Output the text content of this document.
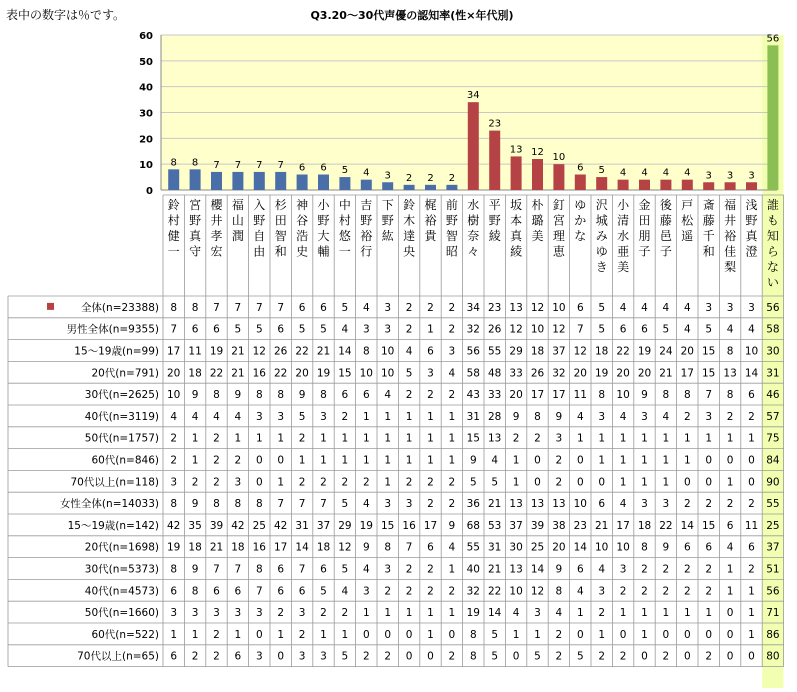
表中の数字は％です。	Q3.20～30代声優の認知率(性×年代別)
0
10
20
30
40
50
60
8 8 7 7 7 7 6 6 5 4 3 2 2 2
34
23
13 12 10
6 5 4 4 4 4 3 3 3
56
鈴村健一
宮野真守
櫻井孝宏
福山潤
入野自由
杉田智和
神谷浩史
小野大輔
中村悠一
吉野裕行
下野紘
鈴木達央
梶裕貴
前野智昭
水樹奈々
平野綾
坂本真綾
朴璐美
釘宮理恵
ゆかな
沢城みゆき
小清水亜美
金田朋子
後藤邑子
戸松遥
斎藤千和
福井裕佳梨
浅野真澄
誰も知らない
全体(n=23388) 8 8 7 7 7 7 6 6 5 4 3 2 2 2 34 23 13 12 10 6 5 4 4 4 4 3 3 3 56
男性全体(n=9355) 7 6 6 5 5 6 5 5 4 3 3 2 1 2 32 26 12 10 12 7 5 6 6 5 4 5 4 4 58
15～19歳(n=99) 17 11 19 21 12 26 22 21 14 8 10 4 6 3 56 55 29 18 37 12 18 22 19 24 20 15 8 10 30
20代(n=791) 20 18 22 21 16 22 20 19 15 10 10 5 3 4 58 48 33 26 32 20 19 20 20 21 17 15 13 14 31
30代(n=2625) 10 9 8 9 8 8 9 8 6 6 4 2 2 2 43 33 20 17 17 11 8 10 9 8 8 7 8 6 46
40代(n=3119) 4 4 4 4 3 3 5 3 2 1 1 1 1 1 31 28 9 8 9 4 3 4 3 4 2 3 2 2 57
50代(n=1757) 2 1 2 1 1 1 2 1 1 1 1 1 1 1 15 13 2 2 3 1 1 1 1 1 1 1 1 1 75
60代(n=846) 2 1 2 2 0 0 1 1 1 1 1 1 1 1 9 4 1 0 2 0 1 1 1 1 1 0 0 0 84
70代以上(n=118) 3 2 2 3 0 1 2 2 2 2 1 2 2 2 5 5 1 0 2 0 0 1 1 1 0 0 1 0 90
女性全体(n=14033) 8 9 8 8 8 7 7 7 5 4 3 3 2 2 36 21 13 13 13 10 6 4 3 3 2 2 2 2 55
15～19歳(n=142) 42 35 39 42 25 42 31 37 29 19 15 16 17 9 68 53 37 39 38 23 21 17 18 22 14 15 6 11 25
20代(n=1698) 19 18 21 18 16 17 14 18 12 9 8 7 6 4 55 31 30 25 20 14 10 10 8 9 6 6 4 6 37
30代(n=5373) 8 9 7 7 8 6 7 6 5 4 3 2 2 1 40 21 13 14 9 6 4 3 2 2 2 2 1 2 51
40代(n=4573) 6 8 6 6 7 6 6 5 4 3 2 2 2 2 32 22 10 12 8 4 3 2 2 2 2 2 1 1 56
50代(n=1660) 3 3 3 3 3 2 3 2 2 1 1 1 1 1 19 14 4 3 4 1 2 1 1 1 1 1 0 1 71
60代(n=522) 1 1 2 1 0 1 2 1 1 0 0 0 1 0 8 5 1 1 2 0 1 0 1 0 0 0 0 1 86
70代以上(n=65) 6 2 2 6 3 0 3 3 5 2 2 0 0 2 8 5 0 5 2 5 2 2 0 2 0 2 0 0 80
